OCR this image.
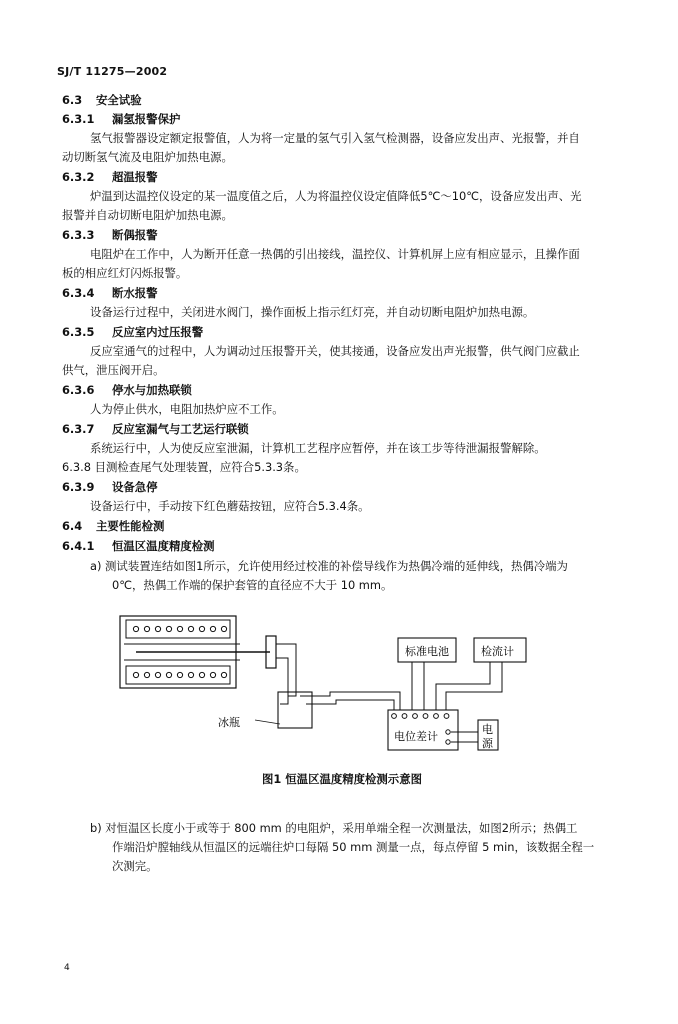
SJ/T 11275—2002
6.3 安全试验
6.3.1 漏氢报警保护
6.3.2 超温报警
6.3.3 断偶报警
6.3.4 断水报警
6.3.5 反应室内过压报警
6.3.6 停水与加热联锁
6.3.7 反应室漏气与工艺运行联锁
6.3.9 设备急停
6.4 主要性能检测
6.4.1 恒温区温度精度检测
氢气报警器设定额定报警值，人为将一定量的氢气引入氢气检测器，设备应发出声、光报警，并自
动切断氢气流及电阻炉加热电源。
炉温到达温控仪设定的某一温度值之后，人为将温控仪设定值降低5℃～10℃，设备应发出声、光
报警并自动切断电阻炉加热电源。
电阻炉在工作中，人为断开任意一热偶的引出接线，温控仪、计算机屏上应有相应显示，且操作面
板的相应红灯闪烁报警。
设备运行过程中，关闭进水阀门，操作面板上指示红灯亮，并自动切断电阻炉加热电源。
反应室通气的过程中，人为调动过压报警开关，使其接通，设备应发出声光报警，供气阀门应截止
供气，泄压阀开启。
人为停止供水，电阻加热炉应不工作。
系统运行中，人为使反应室泄漏，计算机工艺程序应暂停，并在该工步等待泄漏报警解除。
6.3.8 目测检查尾气处理装置，应符合5.3.3条。
设备运行中，手动按下红色蘑菇按钮，应符合5.3.4条。
a) 测试装置连结如图1所示，允许使用经过校准的补偿导线作为热偶冷端的延伸线，热偶冷端为
0℃，热偶工作端的保护套管的直径应不大于 10 mm。
b) 对恒温区长度小于或等于 800 mm 的电阻炉，采用单端全程一次测量法，如图2所示；热偶工
作端沿炉膛轴线从恒温区的远端往炉口每隔 50 mm 测量一点，每点停留 5 min，该数据全程一
次测完。
冰瓶
标准电池	检流计
电位差计
电
源
图1 恒温区温度精度检测示意图
4
